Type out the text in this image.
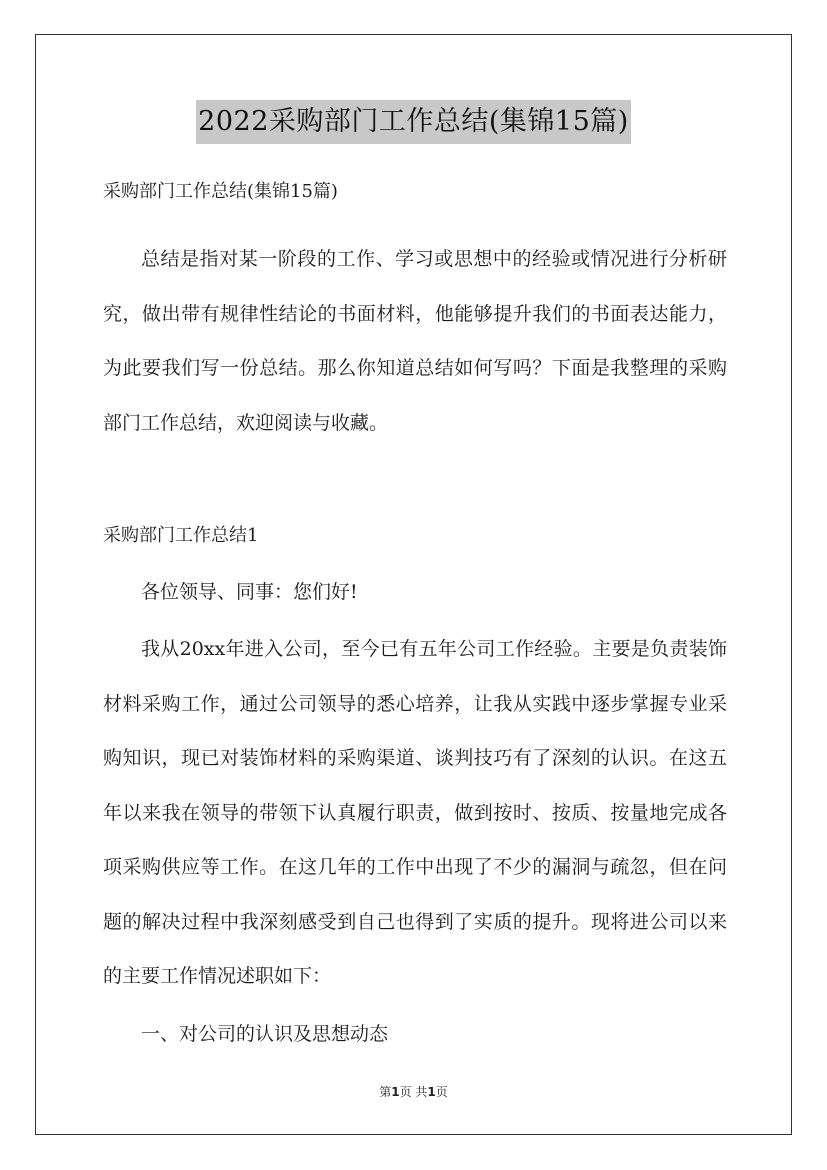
2022采购部门工作总结(集锦15篇)
采购部门工作总结(集锦15篇)

总结是指对某一阶段的工作、学习或思想中的经验或情况进行分析研究，做出带有规律性结论的书面材料，他能够提升我们的书面表达能力，为此要我们写一份总结。那么你知道总结如何写吗？下面是我整理的采购部门工作总结，欢迎阅读与收藏。

采购部门工作总结1

各位领导、同事：您们好!

我从20xx年进入公司，至今已有五年公司工作经验。主要是负责装饰材料采购工作，通过公司领导的悉心培养，让我从实践中逐步掌握专业采购知识，现已对装饰材料的采购渠道、谈判技巧有了深刻的认识。在这五年以来我在领导的带领下认真履行职责，做到按时、按质、按量地完成各项采购供应等工作。在这几年的工作中出现了不少的漏洞与疏忽，但在问题的解决过程中我深刻感受到自己也得到了实质的提升。现将进公司以来的主要工作情况述职如下：

一、对公司的认识及思想动态

第1页 共1页
